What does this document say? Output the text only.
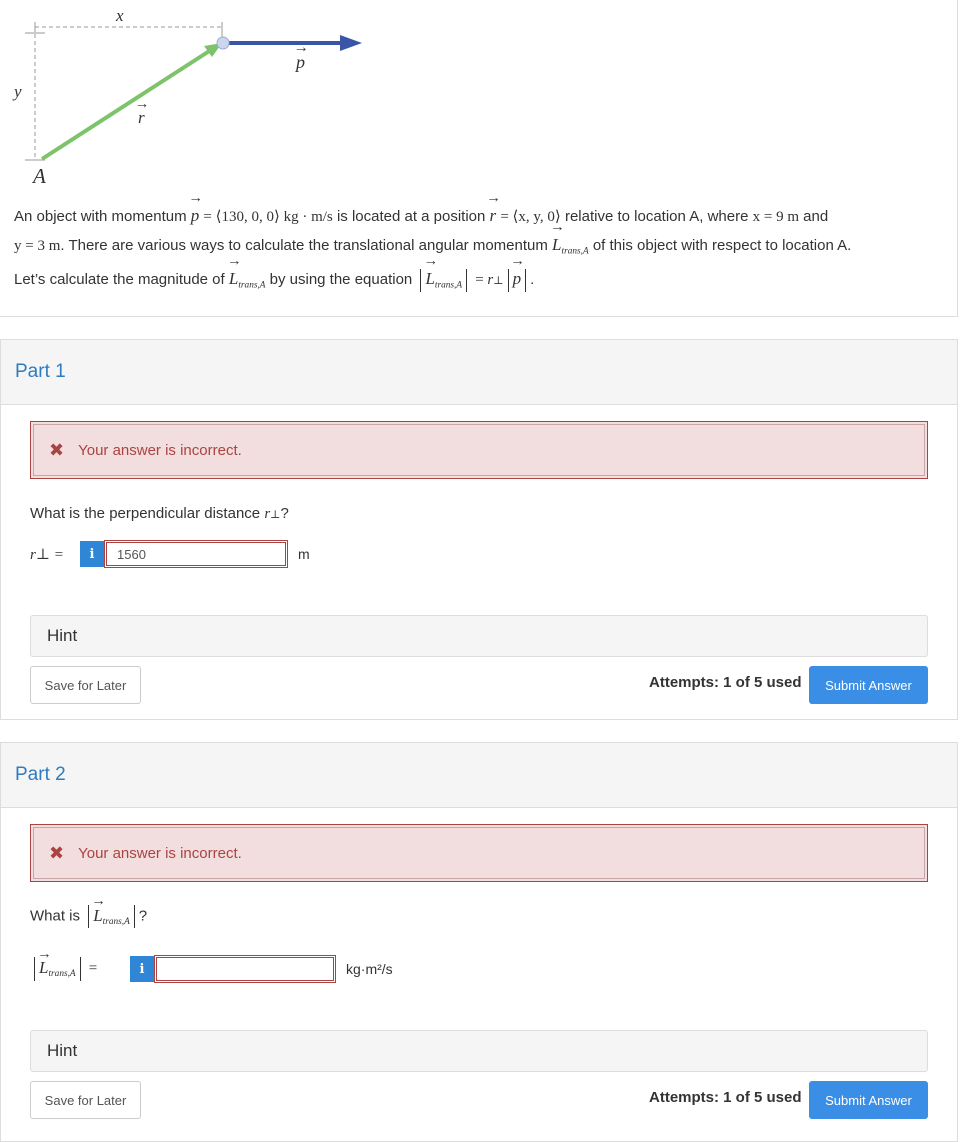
x
y
→ r
→ p
A
An object with momentum → p = ⟨130, 0, 0⟩ kg · m/s is located at a position → r = ⟨x, y, 0⟩ relative to location A, where x = 9 m and
y = 3 m. There are various ways to calculate the translational angular momentum → $L_{trans,A}$ of this object with respect to location A.
Let’s calculate the magnitude of → $L_{trans,A}$ by using the equation → $L_{trans,A}$ = r⊥ → p .
Part 1
✖ Your answer is incorrect.
What is the perpendicular distance r⊥?
r⊥ =	i	1560	m
Hint
Save for Later	Attempts: 1 of 5 used	Submit Answer
Part 2
✖ Your answer is incorrect.
What is → $L_{trans,A}$ ?
→ $L_{trans,A}$ =	i	kg·m²/s
Hint
Save for Later	Attempts: 1 of 5 used	Submit Answer
